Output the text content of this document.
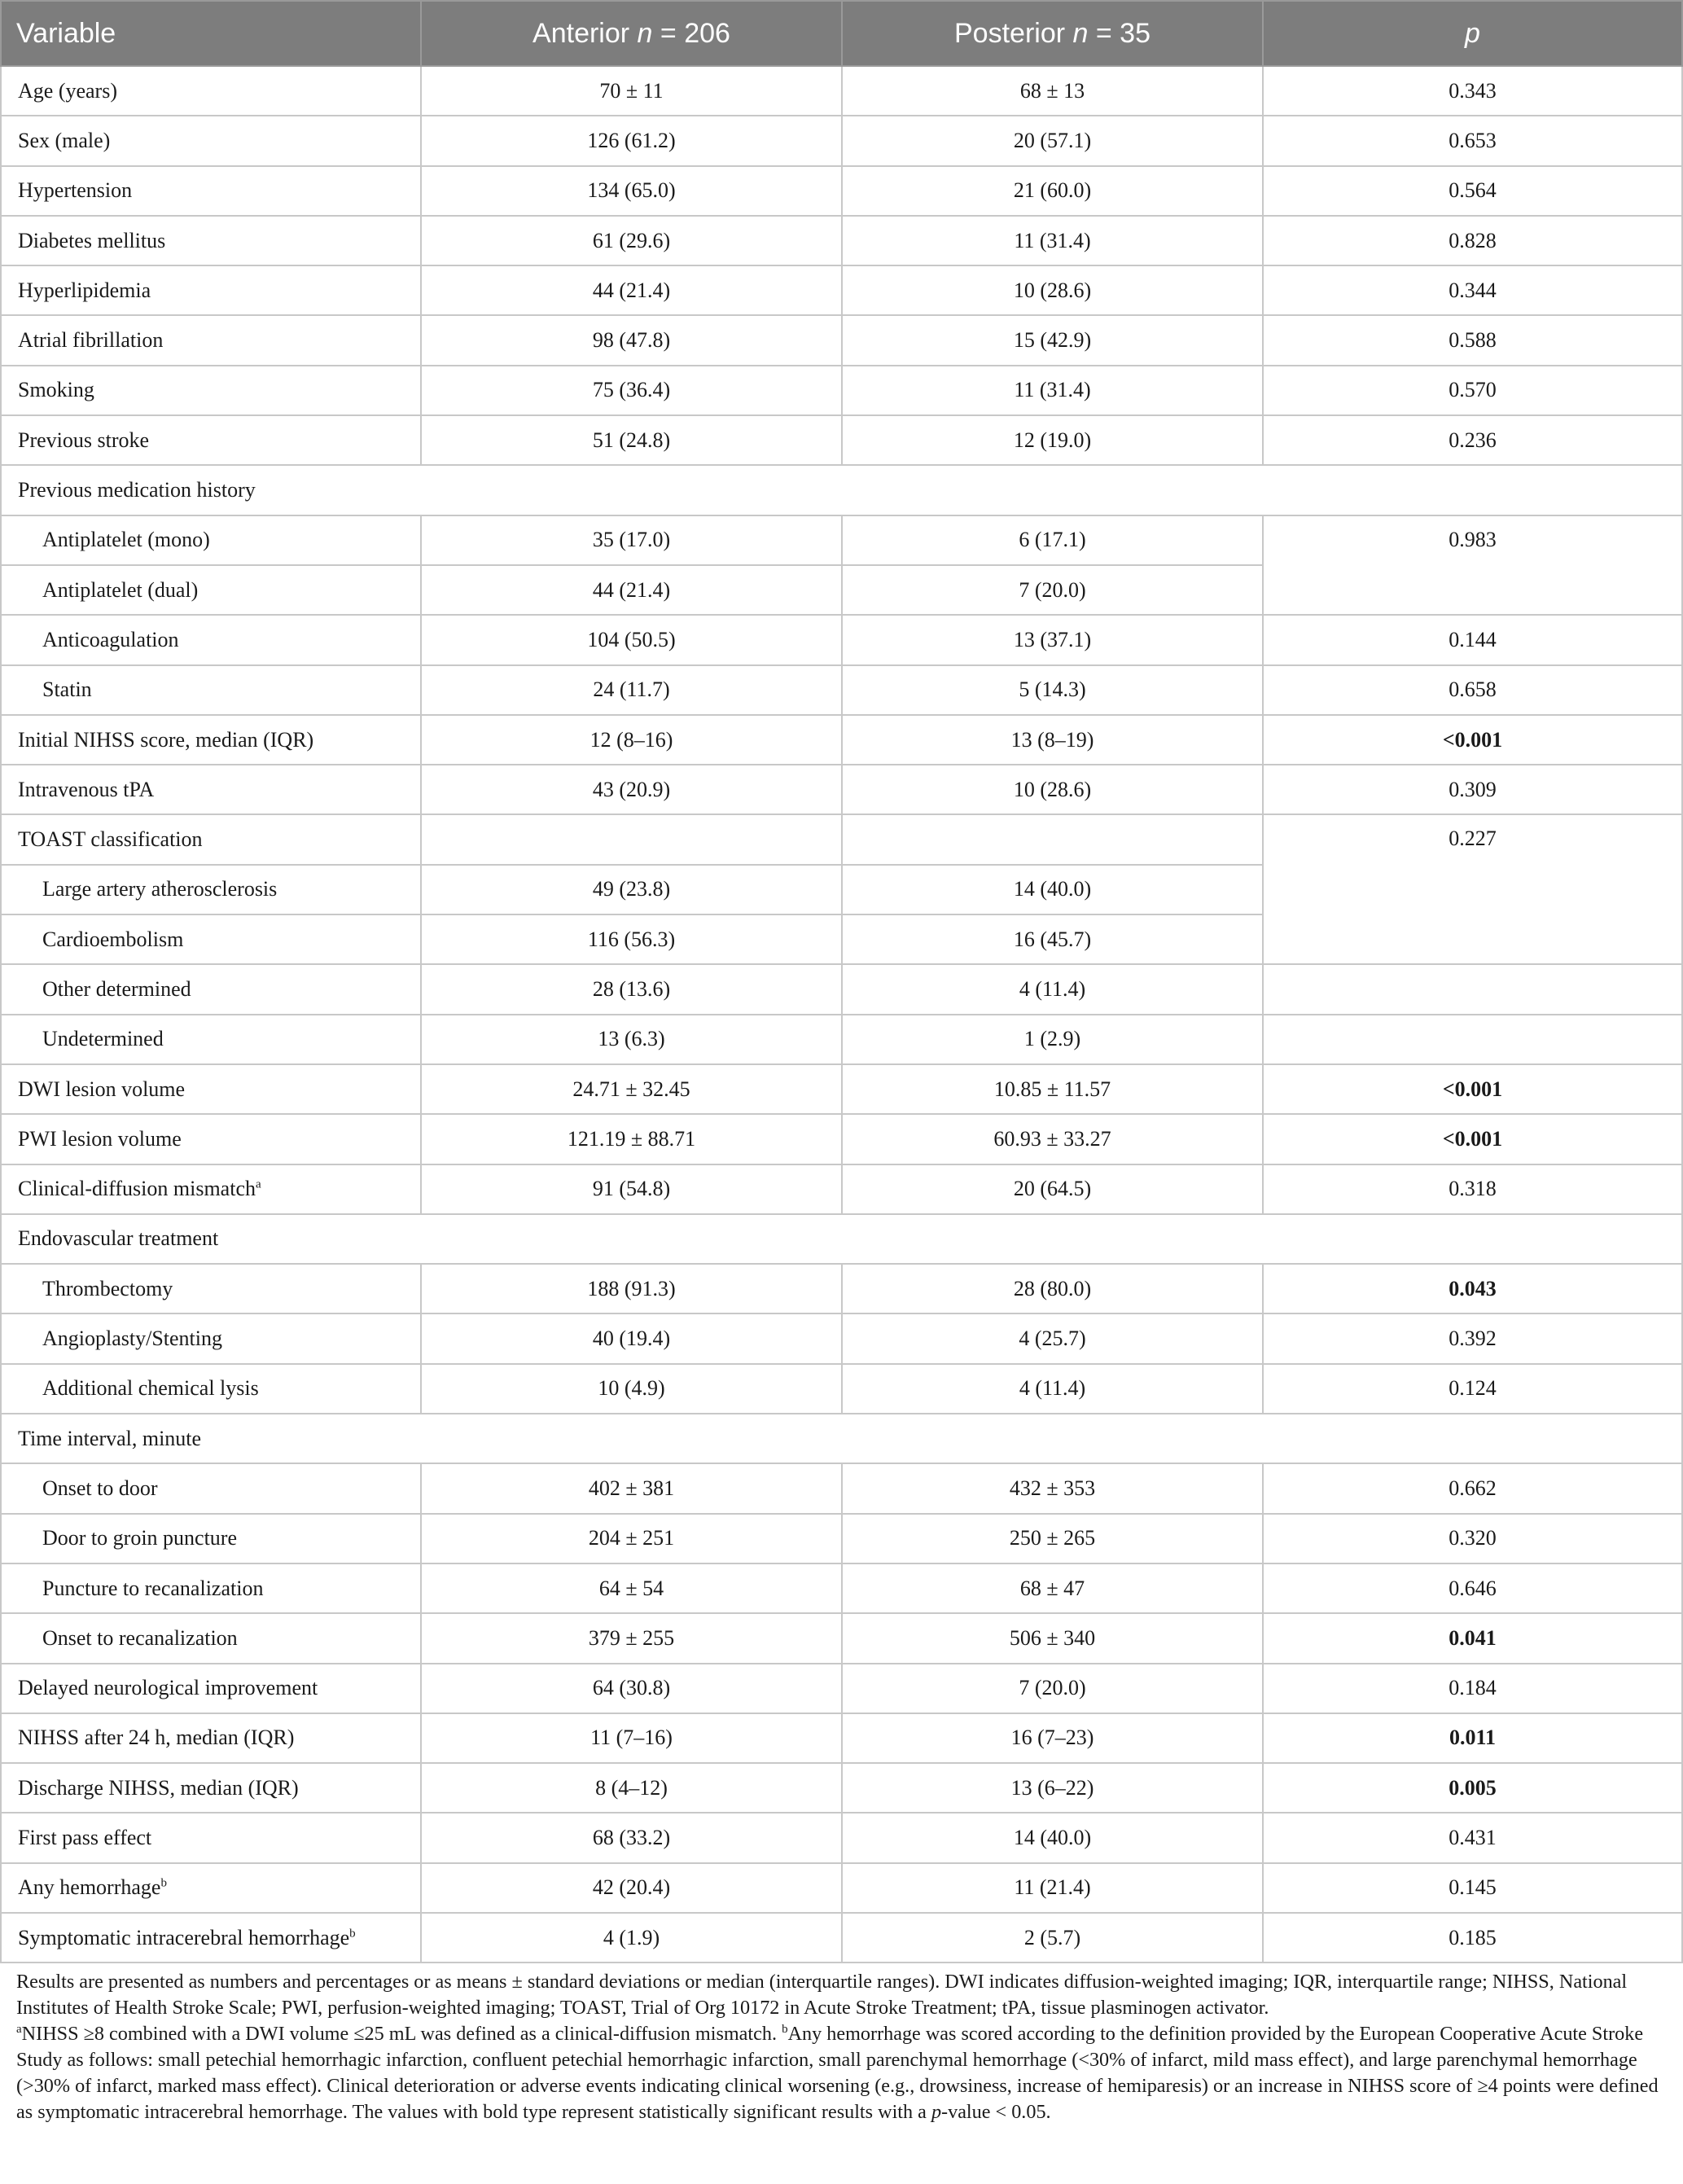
Variable	Anterior n = 206	Posterior n = 35	p
Age (years)	70 ± 11	68 ± 13	0.343
Sex (male)	126 (61.2)	20 (57.1)	0.653
Hypertension	134 (65.0)	21 (60.0)	0.564
Diabetes mellitus	61 (29.6)	11 (31.4)	0.828
Hyperlipidemia	44 (21.4)	10 (28.6)	0.344
Atrial fibrillation	98 (47.8)	15 (42.9)	0.588
Smoking	75 (36.4)	11 (31.4)	0.570
Previous stroke	51 (24.8)	12 (19.0)	0.236
Previous medication history			
Antiplatelet (mono)	35 (17.0)	6 (17.1)	0.983
Antiplatelet (dual)	44 (21.4)	7 (20.0)	
Anticoagulation	104 (50.5)	13 (37.1)	0.144
Statin	24 (11.7)	5 (14.3)	0.658
Initial NIHSS score, median (IQR)	12 (8–16)	13 (8–19)	<0.001
Intravenous tPA	43 (20.9)	10 (28.6)	0.309
TOAST classification			0.227
Large artery atherosclerosis	49 (23.8)	14 (40.0)	
Cardioembolism	116 (56.3)	16 (45.7)	
Other determined	28 (13.6)	4 (11.4)	
Undetermined	13 (6.3)	1 (2.9)	
DWI lesion volume	24.71 ± 32.45	10.85 ± 11.57	<0.001
PWI lesion volume	121.19 ± 88.71	60.93 ± 33.27	<0.001
Clinical-diffusion mismatch$^a$	91 (54.8)	20 (64.5)	0.318
Endovascular treatment			
Thrombectomy	188 (91.3)	28 (80.0)	0.043
Angioplasty/Stenting	40 (19.4)	4 (25.7)	0.392
Additional chemical lysis	10 (4.9)	4 (11.4)	0.124
Time interval, minute			
Onset to door	402 ± 381	432 ± 353	0.662
Door to groin puncture	204 ± 251	250 ± 265	0.320
Puncture to recanalization	64 ± 54	68 ± 47	0.646
Onset to recanalization	379 ± 255	506 ± 340	0.041
Delayed neurological improvement	64 (30.8)	7 (20.0)	0.184
NIHSS after 24 h, median (IQR)	11 (7–16)	16 (7–23)	0.011
Discharge NIHSS, median (IQR)	8 (4–12)	13 (6–22)	0.005
First pass effect	68 (33.2)	14 (40.0)	0.431
Any hemorrhage$^b$	42 (20.4)	11 (21.4)	0.145
Symptomatic intracerebral hemorrhage$^b$	4 (1.9)	2 (5.7)	0.185

Results are presented as numbers and percentages or as means ± standard deviations or median (interquartile ranges). DWI indicates diffusion-weighted imaging; IQR, interquartile range; NIHSS, National Institutes of Health Stroke Scale; PWI, perfusion-weighted imaging; TOAST, Trial of Org 10172 in Acute Stroke Treatment; tPA, tissue plasminogen activator.

$^a$NIHSS ≥8 combined with a DWI volume ≤25 mL was defined as a clinical-diffusion mismatch. $^b$Any hemorrhage was scored according to the definition provided by the European Cooperative Acute Stroke Study as follows: small petechial hemorrhagic infarction, confluent petechial hemorrhagic infarction, small parenchymal hemorrhage (<30% of infarct, mild mass effect), and large parenchymal hemorrhage (>30% of infarct, marked mass effect). Clinical deterioration or adverse events indicating clinical worsening (e.g., drowsiness, increase of hemiparesis) or an increase in NIHSS score of ≥4 points were defined as symptomatic intracerebral hemorrhage. The values with bold type represent statistically significant results with a p-value < 0.05.
